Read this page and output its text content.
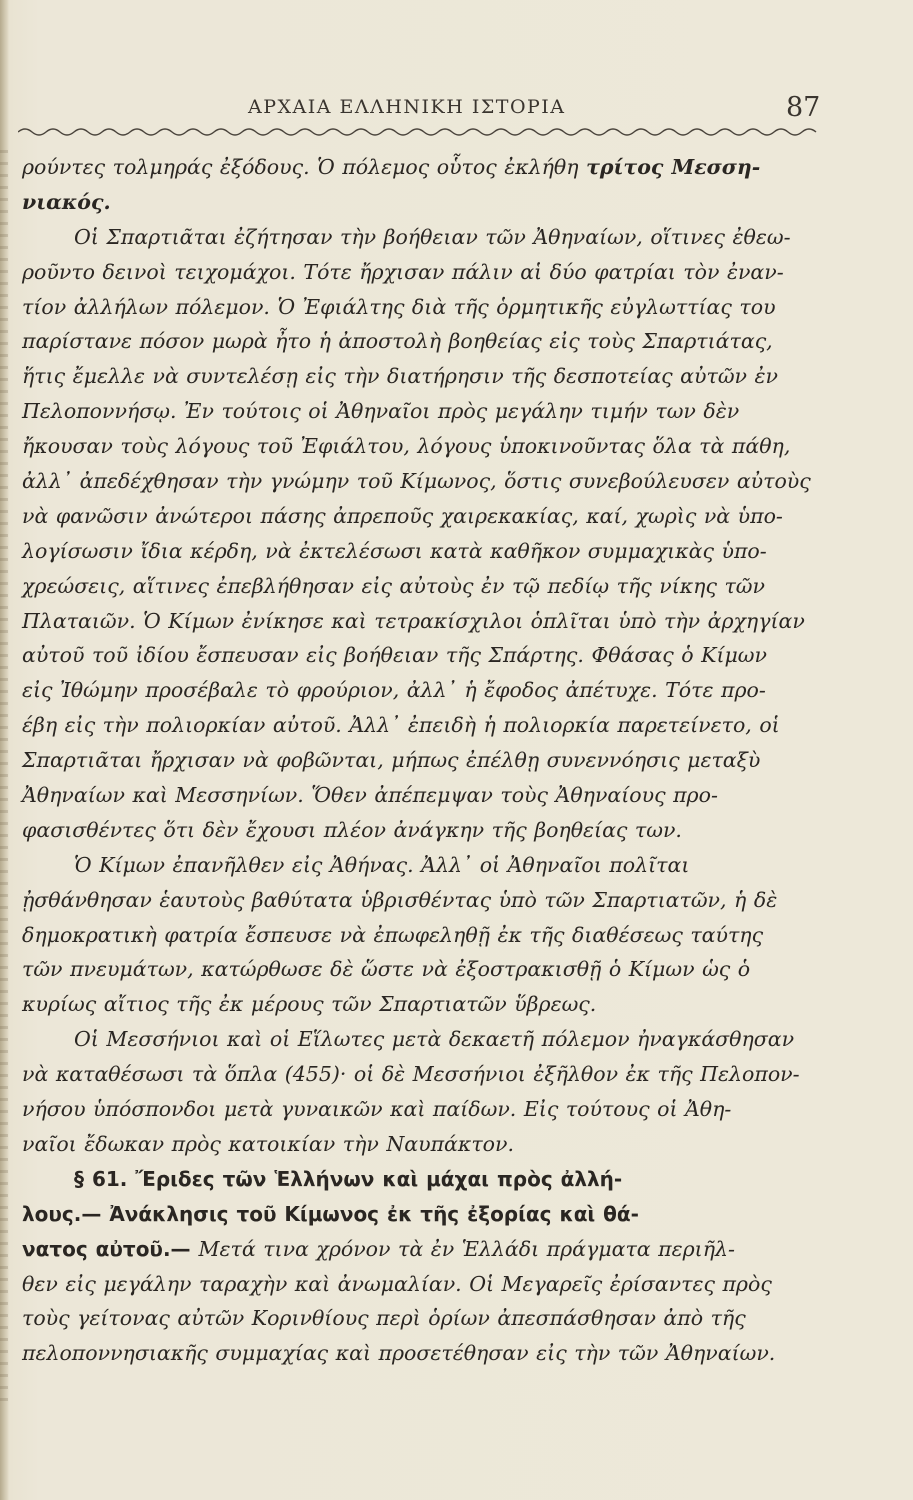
ΑΡΧΑΙΑ ΕΛΛΗΝΙΚΗ ΙΣΤΟΡΙΑ	87
ρούντες τολμηράς ἐξόδους. Ὁ πόλεμος οὗτος ἐκλήθη τρίτος Μεσση-
νιακός.
Οἱ Σπαρτιᾶται ἐζήτησαν τὴν βοήθειαν τῶν Ἀθηναίων, οἵτινες ἐθεω-
ροῦντο δεινοὶ τειχομάχοι. Τότε ἤρχισαν πάλιν αἱ δύο φατρίαι τὸν ἐναν-
τίον ἀλλήλων πόλεμον. Ὁ Ἐφιάλτης διὰ τῆς ὁρμητικῆς εὐγλωττίας του
παρίστανε πόσον μωρὰ ἦτο ἡ ἀποστολὴ βοηθείας εἰς τοὺς Σπαρτιάτας,
ἥτις ἔμελλε νὰ συντελέσῃ εἰς τὴν διατήρησιν τῆς δεσποτείας αὐτῶν ἐν
Πελοποννήσῳ. Ἐν τούτοις οἱ Ἀθηναῖοι πρὸς μεγάλην τιμήν των δὲν
ἤκουσαν τοὺς λόγους τοῦ Ἐφιάλτου, λόγους ὑποκινοῦντας ὅλα τὰ πάθη,
ἀλλ᾿ ἀπεδέχθησαν τὴν γνώμην τοῦ Κίμωνος, ὅστις συνεβούλευσεν αὐτοὺς
νὰ φανῶσιν ἀνώτεροι πάσης ἀπρεποῦς χαιρεκακίας, καί, χωρὶς νὰ ὑπο-
λογίσωσιν ἴδια κέρδη, νὰ ἐκτελέσωσι κατὰ καθῆκον συμμαχικὰς ὑπο-
χρεώσεις, αἵτινες ἐπεβλήθησαν εἰς αὐτοὺς ἐν τῷ πεδίῳ τῆς νίκης τῶν
Πλαταιῶν. Ὁ Κίμων ἐνίκησε καὶ τετρακίσχιλοι ὁπλῖται ὑπὸ τὴν ἀρχηγίαν
αὐτοῦ τοῦ ἰδίου ἔσπευσαν εἰς βοήθειαν τῆς Σπάρτης. Φθάσας ὁ Κίμων
εἰς Ἰθώμην προσέβαλε τὸ φρούριον, ἀλλ᾿ ἡ ἔφοδος ἀπέτυχε. Τότε προ-
έβη εἰς τὴν πολιορκίαν αὐτοῦ. Ἀλλ᾿ ἐπειδὴ ἡ πολιορκία παρετείνετο, οἱ
Σπαρτιᾶται ἤρχισαν νὰ φοβῶνται, μήπως ἐπέλθῃ συνεννόησις μεταξὺ
Ἀθηναίων καὶ Μεσσηνίων. Ὅθεν ἀπέπεμψαν τοὺς Ἀθηναίους προ-
φασισθέντες ὅτι δὲν ἔχουσι πλέον ἀνάγκην τῆς βοηθείας των.
Ὁ Κίμων ἐπανῆλθεν εἰς Ἀθήνας. Ἀλλ᾿ οἱ Ἀθηναῖοι πολῖται
ᾐσθάνθησαν ἑαυτοὺς βαθύτατα ὑβρισθέντας ὑπὸ τῶν Σπαρτιατῶν, ἡ δὲ
δημοκρατικὴ φατρία ἔσπευσε νὰ ἐπωφεληθῇ ἐκ τῆς διαθέσεως ταύτης
τῶν πνευμάτων, κατώρθωσε δὲ ὥστε νὰ ἐξοστρακισθῇ ὁ Κίμων ὡς ὁ
κυρίως αἴτιος τῆς ἐκ μέρους τῶν Σπαρτιατῶν ὕβρεως.
Οἱ Μεσσήνιοι καὶ οἱ Εἵλωτες μετὰ δεκαετῆ πόλεμον ἠναγκάσθησαν
νὰ καταθέσωσι τὰ ὅπλα (455)· οἱ δὲ Μεσσήνιοι ἐξῆλθον ἐκ τῆς Πελοπον-
νήσου ὑπόσπονδοι μετὰ γυναικῶν καὶ παίδων. Εἰς τούτους οἱ Ἀθη-
ναῖοι ἔδωκαν πρὸς κατοικίαν τὴν Ναυπάκτον.
§ 61. Ἔριδες τῶν Ἑλλήνων καὶ μάχαι πρὸς ἀλλή-
λους.— Ἀνάκλησις τοῦ Κίμωνος ἐκ τῆς ἐξορίας καὶ θά-
νατος αὐτοῦ.— Μετά τινα χρόνον τὰ ἐν Ἑλλάδι πράγματα περιῆλ-
θεν εἰς μεγάλην ταραχὴν καὶ ἀνωμαλίαν. Οἱ Μεγαρεῖς ἐρίσαντες πρὸς
τοὺς γείτονας αὐτῶν Κορινθίους περὶ ὁρίων ἀπεσπάσθησαν ἀπὸ τῆς
πελοποννησιακῆς συμμαχίας καὶ προσετέθησαν εἰς τὴν τῶν Ἀθηναίων.
